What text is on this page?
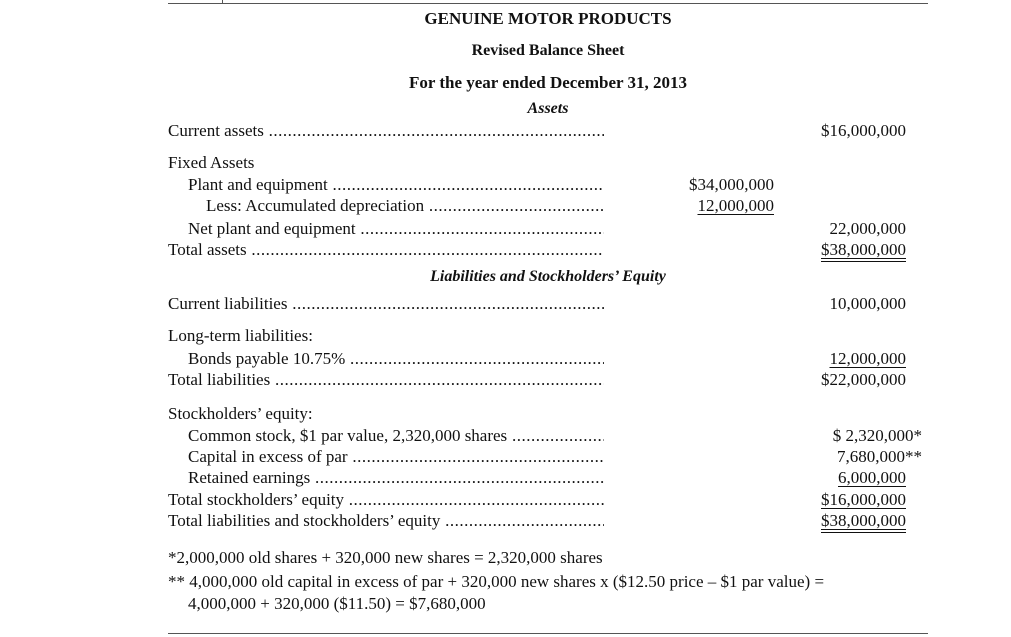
GENUINE MOTOR PRODUCTS
Revised Balance Sheet
For the year ended December 31, 2013
Assets
Current assets .....	$16,000,000
Fixed Assets
Plant and equipment .....	$34,000,000
Less: Accumulated depreciation .....	12,000,000
Net plant and equipment .....	22,000,000
Total assets .....	$38,000,000
Liabilities and Stockholders’ Equity
Current liabilities .....	10,000,000
Long-term liabilities:
Bonds payable 10.75% .....	12,000,000
Total liabilities .....	$22,000,000
Stockholders’ equity:
Common stock, $1 par value, 2,320,000 shares .....	$ 2,320,000*
Capital in excess of par .....	7,680,000**
Retained earnings .....	6,000,000
Total stockholders’ equity .....	$16,000,000
Total liabilities and stockholders’ equity .....	$38,000,000
*2,000,000 old shares + 320,000 new shares = 2,320,000 shares
** 4,000,000 old capital in excess of par + 320,000 new shares x ($12.50 price – $1 par value) =
4,000,000 + 320,000 ($11.50) = $7,680,000
